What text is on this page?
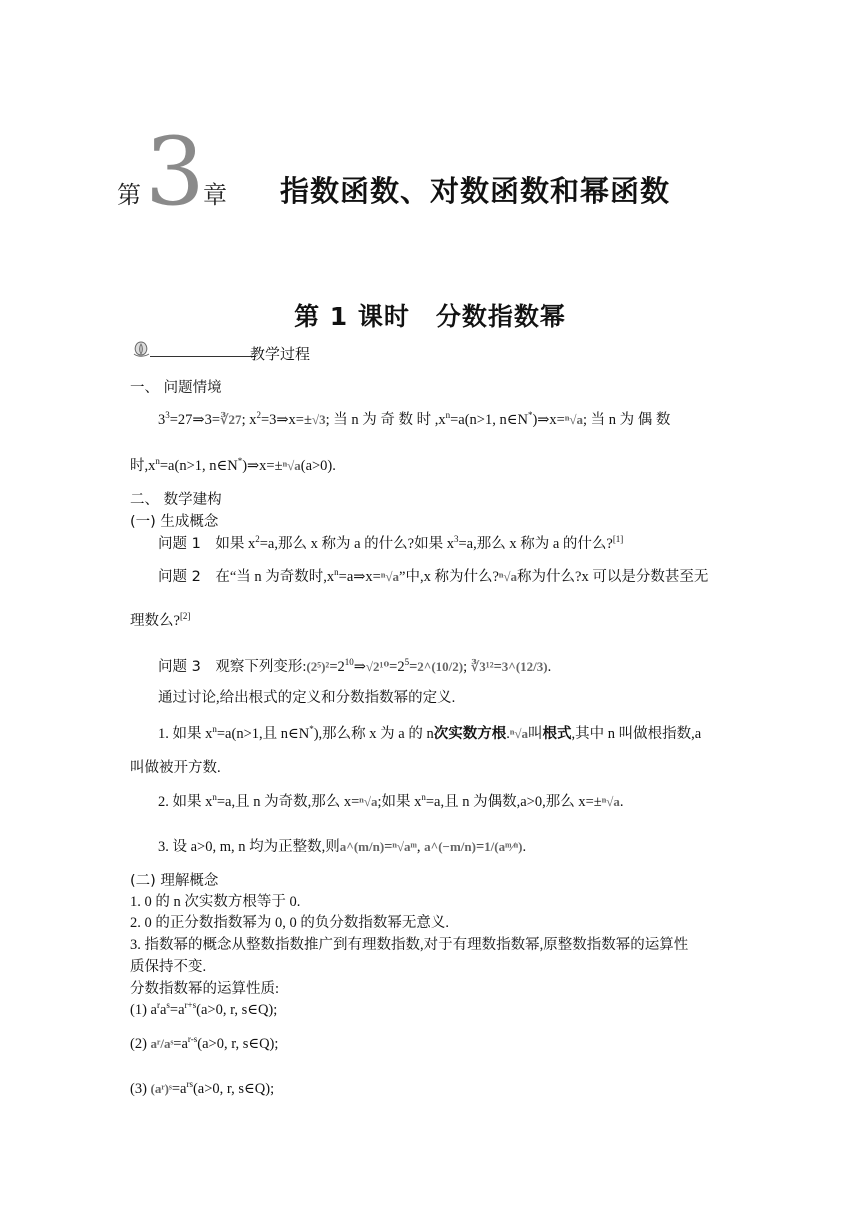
第 3
章 指数函数、对数函数和幂函数
第 1 课时　分数指数幂
教学过程
一、 问题情境
$3^3=27\Rightarrow 3=∛27$; $x^2=3\Rightarrow x=\pm√3$; 当 n 为 奇 数 时 $,x^n=a(n>1$, n∈N*)⇒x=ⁿ√a; 当 n 为 偶 数
时$,x^n=a(n>1$, n∈N*)⇒x=±ⁿ√a(a>0).
二、 数学建构
(一) 生成概念
问题 1　如果 $x^2=a$,那么 x 称为 a 的什么?如果 $x^3=a$,那么 x 称为 a 的什么?[1]
问题 2　在“当 n 为奇数时$,x^n=a\Rightarrow x=^n√a$”中,x 称为什么?ⁿ√a称为什么?x 可以是分数甚至无
理数么?[2]
问题 3　观察下列变形$:(2^5)^2=2^{10}\Rightarrow√2^{10}=2^5=2\^{}(10/2)$; ∛3¹²=3^(12/3).
通过讨论,给出根式的定义和分数指数幂的定义.
1. 如果 $x^n=a(n>1$,且 n∈N*),那么称 x 为 a 的 n次实数方根.ⁿ√a叫根式,其中 n 叫做根指数,a
叫做被开方数.
2. 如果 $x^n=a$,且 n 为奇数,那么 x=ⁿ√a;如果 $x^n=a$,且 n 为偶数,a>0,那么 x=±ⁿ√a.
3. 设 a>0, m, n 均为正整数,则a^(m/n)=ⁿ√aᵐ, a^(−m/n)=1/(aᵐ⁄ⁿ).
(二) 理解概念
1. 0 的 n 次实数方根等于 0.
2. 0 的正分数指数幂为 0, 0 的负分数指数幂无意义.
3. 指数幂的概念从整数指数推广到有理数指数,对于有理数指数幂,原整数指数幂的运算性
质保持不变.
分数指数幂的运算性质:
(1) $a^ra^s=a^{r+s}(a>0$, r, s∈Q);
(2) $aʳ/aˢ=a^{r-s}(a>0$, r, s∈Q);
(3) $(aʳ)ˢ=a^{rs}(a>0$, r, s∈Q);
